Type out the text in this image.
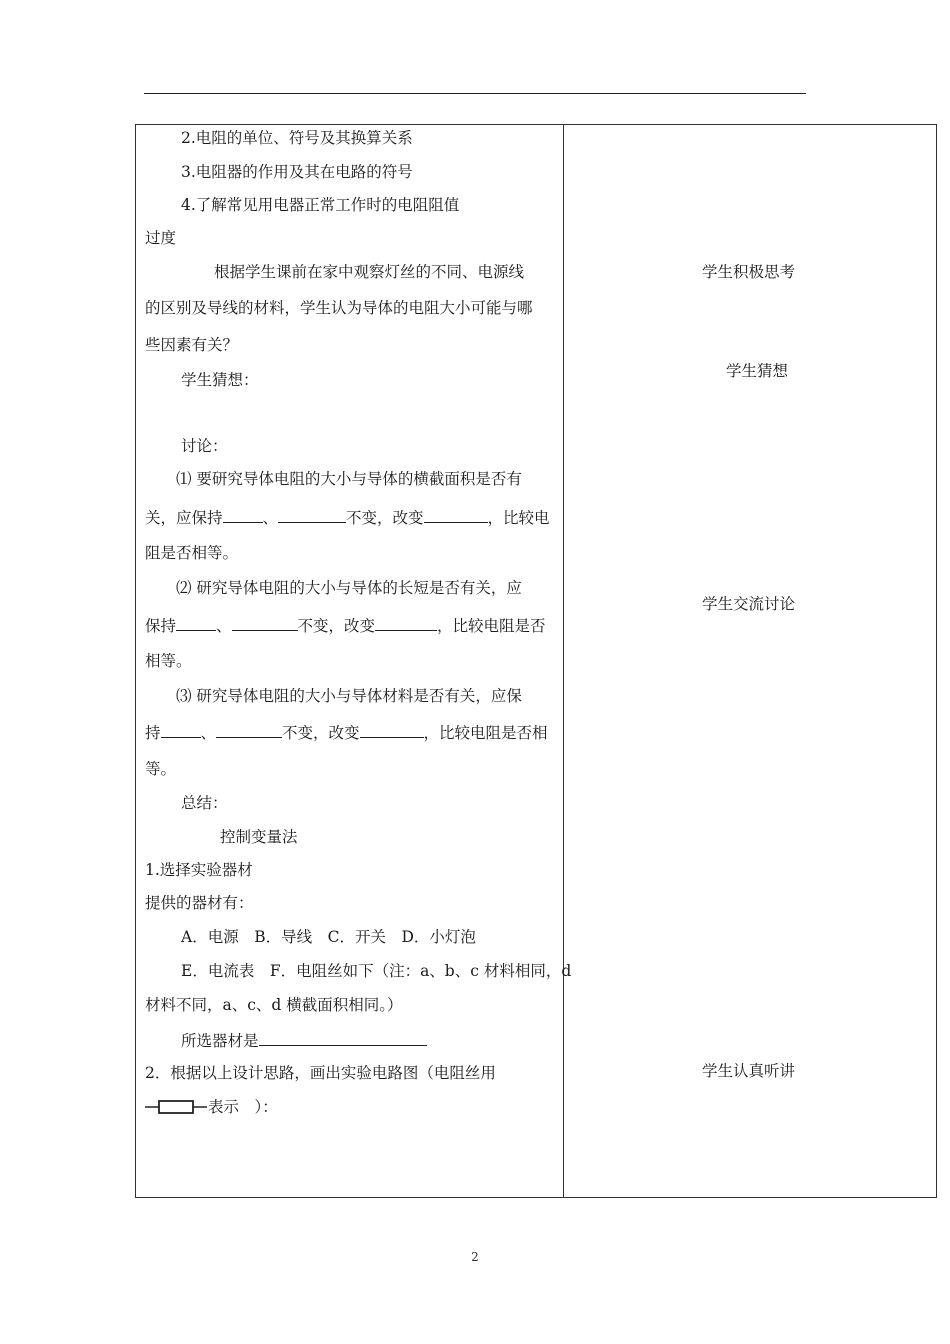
2.电阻的单位、符号及其换算关系
3.电阻器的作用及其在电路的符号
4.了解常见用电器正常工作时的电阻阻值
过度
根据学生课前在家中观察灯丝的不同、电源线
的区别及导线的材料，学生认为导体的电阻大小可能与哪
些因素有关？
学生猜想：
讨论：
⑴ 要研究导体电阻的大小与导体的横截面积是否有
关，应保持	、	不变，改变	，比较电
阻是否相等。
⑵ 研究导体电阻的大小与导体的长短是否有关，应
保持	、	不变，改变	，比较电阻是否
相等。
⑶ 研究导体电阻的大小与导体材料是否有关，应保
持	、	不变，改变	，比较电阻是否相
等。
总结：
控制变量法
1.选择实验器材
提供的器材有：
A．电源　B．导线　C．开关　D．小灯泡
E．电流表　F．电阻丝如下（注：a、b、c 材料相同，d
材料不同，a、c、d 横截面积相同。）
所选器材是
2．根据以上设计思路，画出实验电路图（电阻丝用
表示　）：
学生积极思考
学生猜想
学生交流讨论
学生认真听讲
2
